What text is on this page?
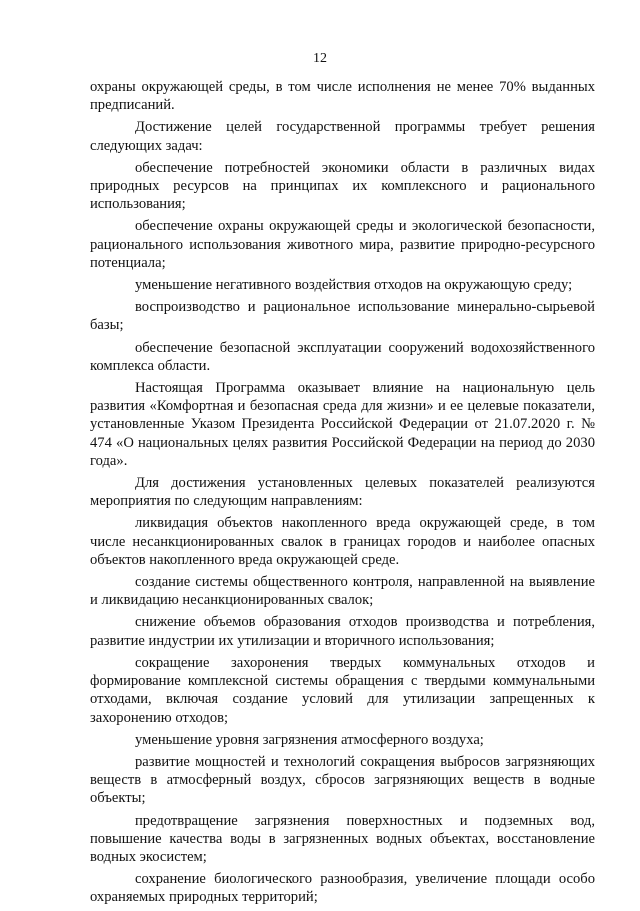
12

охраны окружающей среды, в том числе исполнения не менее 70% выданных предписаний.

Достижение целей государственной программы требует решения следующих задач:

обеспечение потребностей экономики области в различных видах природных ресурсов на принципах их комплексного и рационального использования;

обеспечение охраны окружающей среды и экологической безопасности, рационального использования животного мира, развитие природно-ресурсного потенциала;

уменьшение негативного воздействия отходов на окружающую среду;

воспроизводство и рациональное использование минерально-сырьевой базы;

обеспечение безопасной эксплуатации сооружений водохозяйственного комплекса области.

Настоящая Программа оказывает влияние на национальную цель развития «Комфортная и безопасная среда для жизни» и ее целевые показатели, установленные Указом Президента Российской Федерации от 21.07.2020 г. № 474 «О национальных целях развития Российской Федерации на период до 2030 года».

Для достижения установленных целевых показателей реализуются мероприятия по следующим направлениям:

ликвидация объектов накопленного вреда окружающей среде, в том числе несанкционированных свалок в границах городов и наиболее опасных объектов накопленного вреда окружающей среде.

создание системы общественного контроля, направленной на выявление и ликвидацию несанкционированных свалок;

снижение объемов образования отходов производства и потребления, развитие индустрии их утилизации и вторичного использования;

сокращение захоронения твердых коммунальных отходов и формирование комплексной системы обращения с твердыми коммунальными отходами, включая создание условий для утилизации запрещенных к захоронению отходов;

уменьшение уровня загрязнения атмосферного воздуха;

развитие мощностей и технологий сокращения выбросов загрязняющих веществ в атмосферный воздух, сбросов загрязняющих веществ в водные объекты;

предотвращение загрязнения поверхностных и подземных вод, повышение качества воды в загрязненных водных объектах, восстановление водных экосистем;

сохранение биологического разнообразия, увеличение площади особо охраняемых природных территорий;
